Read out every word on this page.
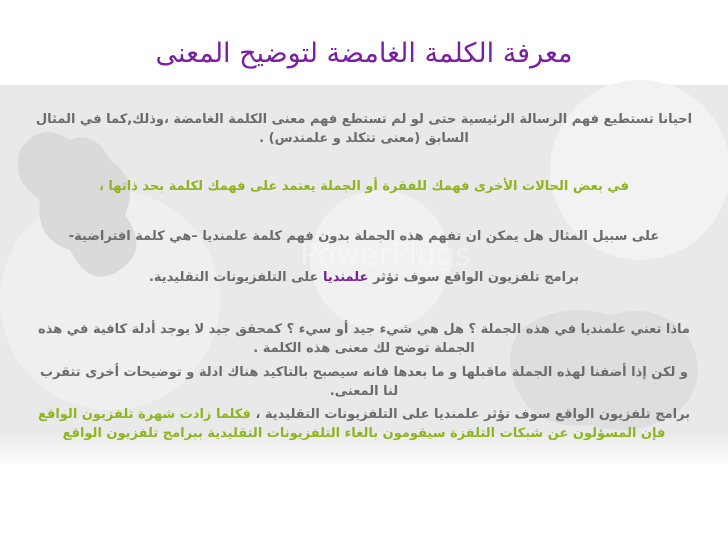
معرفة الكلمة الغامضة لتوضيح المعنى
احيانا تستطيع فهم الرسالة الرئيسية حتى لو لم تستطع فهم معنى الكلمة الغامضة ،وذلك,كما في المثال
السابق (معنى تتكلد و علمندس) .
في بعض الحالات الأخرى فهمك للفقرة أو الجملة يعتمد على فهمك لكلمة بحد ذاتها ،
على سبيل المثال هل يمكن ان تفهم هذه الجملة بدون فهم كلمة علمنديا –هي كلمة افتراضية-
برامج تلفزيون الواقع سوف تؤثر علمنديا على التلفزيونات التقليدية.
ماذا تعني علمنديا في هذه الجملة ؟ هل هي شيء جيد أو سيء ؟ كمحقق جيد لا يوجد أدلة كافية في هذه
الجملة توضح لك معنى هذه الكلمة .
و لكن إذا أضفنا لهذه الجملة ماقبلها و ما بعدها فانه سيصبح بالتاكيد هناك ادلة و توضيحات أخرى تتقرب
لنا المعنى.
برامج تلفزيون الواقع سوف تؤثر علمنديا على التلفزيونات التقليدية ، فكلما زادت شهرة تلفزيون الواقع
فإن المسؤلون عن شبكات التلفزة سيقومون بالغاء التلفزيونات التقليدية ببرامج تلفزيون الواقع
PowerPlugs
